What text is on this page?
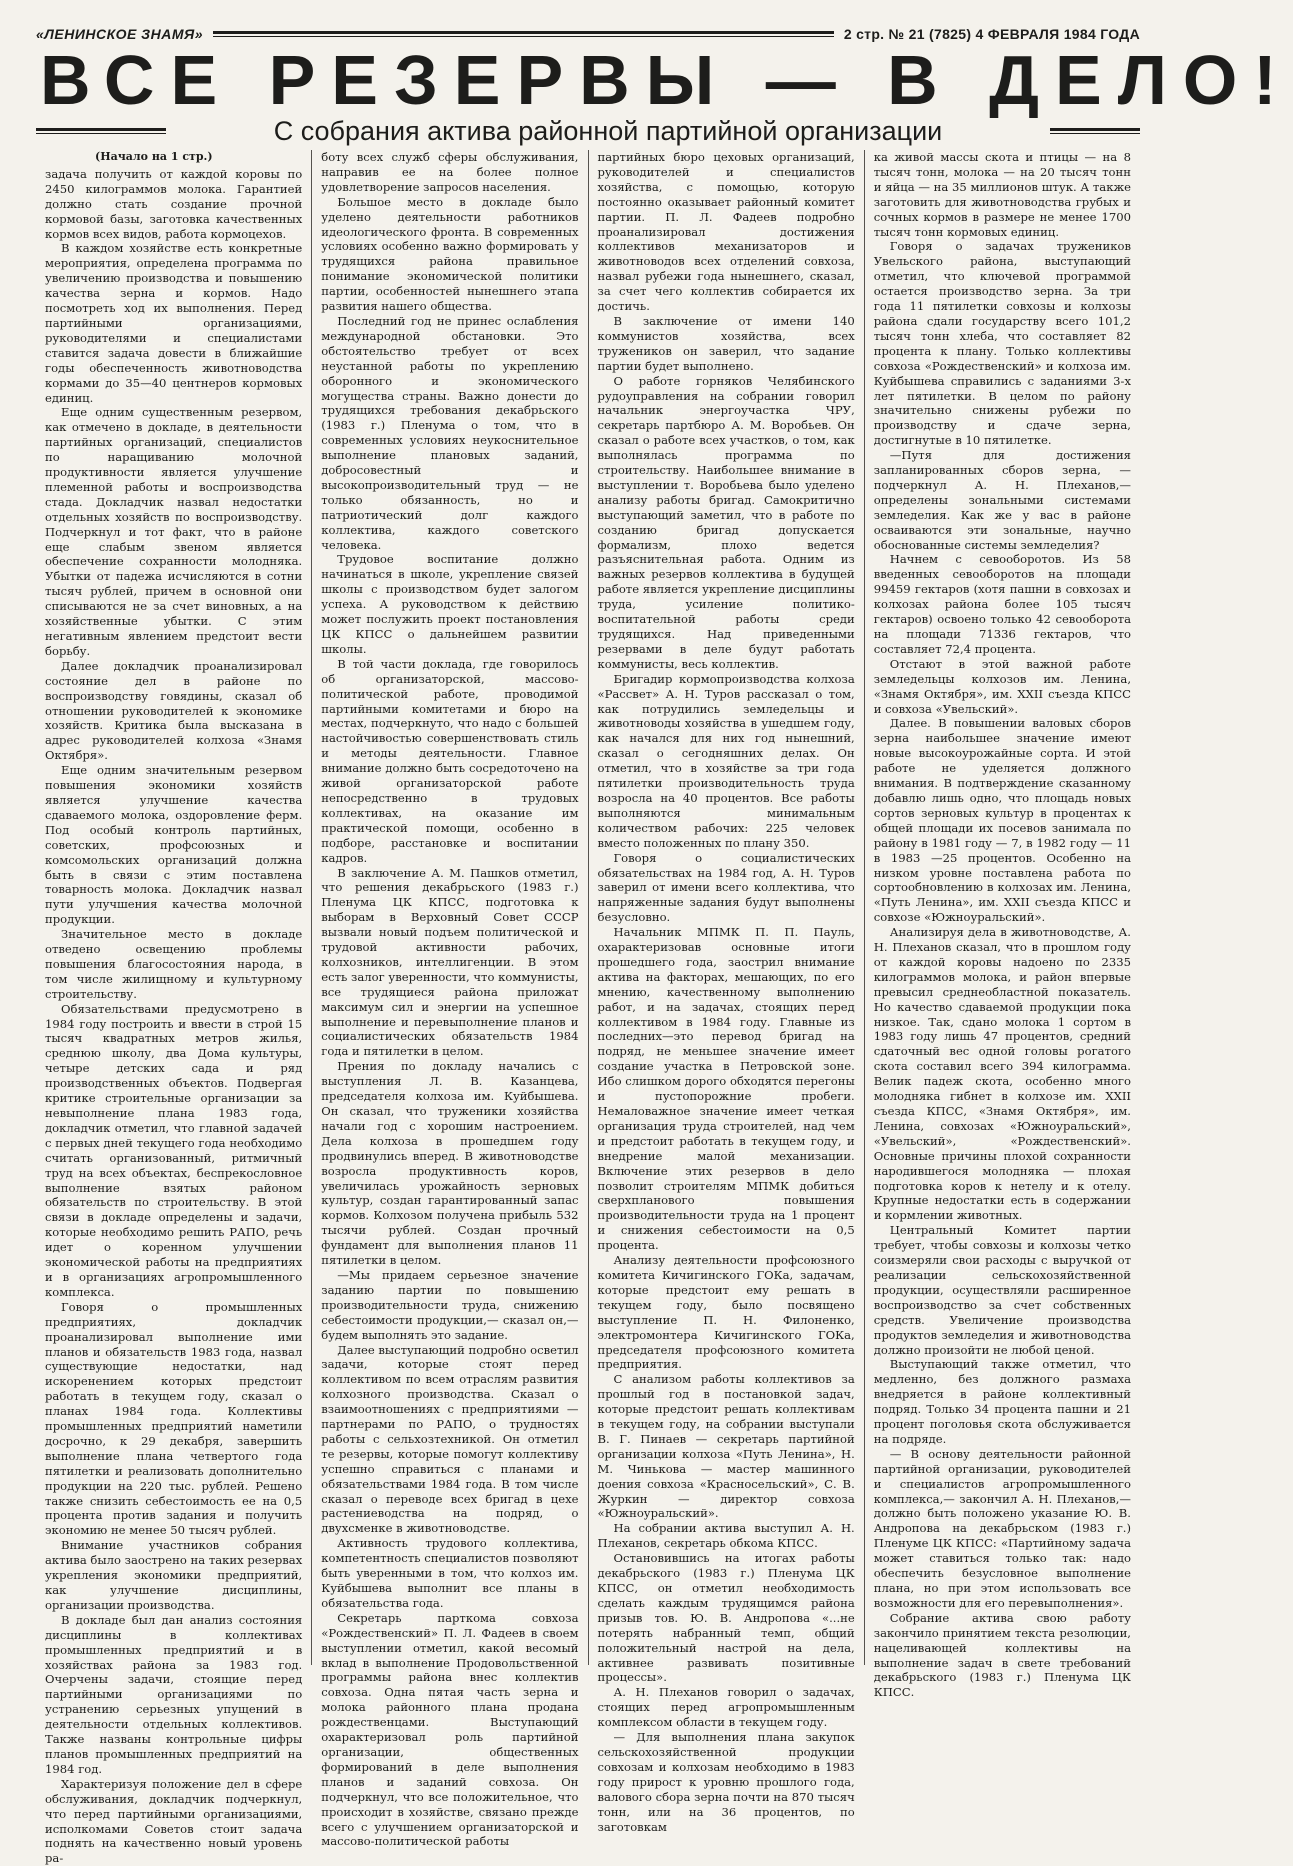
«ЛЕНИНСКОЕ ЗНАМЯ»	2 стр. № 21 (7825) 4 ФЕВРАЛЯ 1984 ГОДА
ВСЕ РЕЗЕРВЫ — В ДЕЛО!
С собрания актива районной партийной организации

(Начало на 1 стр.)

задача получить от каждой коровы по 2450 килограммов молока. Гарантией должно стать создание прочной кормовой базы, заготовка качественных кормов всех видов, работа кормоцехов.

В каждом хозяйстве есть конкретные мероприятия, определена программа по увеличению производства и повышению качества зерна и кормов. Надо посмотреть ход их выполнения. Перед партийными организациями, руководителями и специалистами ставится задача довести в ближайшие годы обеспеченность животноводства кормами до 35—40 центнеров кормовых единиц.

Еще одним существенным резервом, как отмечено в докладе, в деятельности партийных организаций, специалистов по наращиванию молочной продуктивности является улучшение племенной работы и воспроизводства стада. Докладчик назвал недостатки отдельных хозяйств по воспроизводству. Подчеркнул и тот факт, что в районе еще слабым звеном является обеспечение сохранности молодняка. Убытки от падежа исчисляются в сотни тысяч рублей, причем в основной они списываются не за счет виновных, а на хозяйственные убытки. С этим негативным явлением предстоит вести борьбу.

Далее докладчик проанализировал состояние дел в районе по воспроизводству говядины, сказал об отношении руководителей к экономике хозяйств. Критика была высказана в адрес руководителей колхоза «Знамя Октября».

Еще одним значительным резервом повышения экономики хозяйств является улучшение качества сдаваемого молока, оздоровление ферм. Под особый контроль партийных, советских, профсоюзных и комсомольских организаций должна быть в связи с этим поставлена товарность молока. Докладчик назвал пути улучшения качества молочной продукции.

Значительное место в докладе отведено освещению проблемы повышения благосостояния народа, в том числе жилищному и культурному строительству.

Обязательствами предусмотрено в 1984 году построить и ввести в строй 15 тысяч квадратных метров жилья, среднюю школу, два Дома культуры, четыре детских сада и ряд производственных объектов. Подвергая критике строительные организации за невыполнение плана 1983 года, докладчик отметил, что главной задачей с первых дней текущего года необходимо считать организованный, ритмичный труд на всех объектах, беспрекословное выполнение взятых районом обязательств по строительству. В этой связи в докладе определены и задачи, которые необходимо решить РАПО, речь идет о коренном улучшении экономической работы на предприятиях и в организациях агропромышленного комплекса.

Говоря о промышленных предприятиях, докладчик проанализировал выполнение ими планов и обязательств 1983 года, назвал существующие недостатки, над искоренением которых предстоит работать в текущем году, сказал о планах 1984 года. Коллективы промышленных предприятий наметили досрочно, к 29 декабря, завершить выполнение плана четвертого года пятилетки и реализовать дополнительно продукции на 220 тыс. рублей. Решено также снизить себестоимость ее на 0,5 процента против задания и получить экономию не менее 50 тысяч рублей.

Внимание участников собрания актива было заострено на таких резервах укрепления экономики предприятий, как улучшение дисциплины, организации производства.

В докладе был дан анализ состояния дисциплины в коллективах промышленных предприятий и в хозяйствах района за 1983 год. Очерчены задачи, стоящие перед партийными организациями по устранению серьезных упущений в деятельности отдельных коллективов. Также названы контрольные цифры планов промышленных предприятий на 1984 год.

Характеризуя положение дел в сфере обслуживания, докладчик подчеркнул, что перед партийными организациями, исполкомами Советов стоит задача поднять на качественно новый уровень ра-

боту всех служб сферы обслуживания, направив ее на более полное удовлетворение запросов населения.

Большое место в докладе было уделено деятельности работников идеологического фронта. В современных условиях особенно важно формировать у трудящихся района правильное понимание экономической политики партии, особенностей нынешнего этапа развития нашего общества.

Последний год не принес ослабления международной обстановки. Это обстоятельство требует от всех неустанной работы по укреплению оборонного и экономического могущества страны. Важно донести до трудящихся требования декабрьского (1983 г.) Пленума о том, что в современных условиях неукоснительное выполнение плановых заданий, добросовестный и высокопроизводительный труд — не только обязанность, но и патриотический долг каждого коллектива, каждого советского человека.

Трудовое воспитание должно начинаться в школе, укрепление связей школы с производством будет залогом успеха. А руководством к действию может послужить проект постановления ЦК КПСС о дальнейшем развитии школы.

В той части доклада, где говорилось об организаторской, массово-политической работе, проводимой партийными комитетами и бюро на местах, подчеркнуто, что надо с большей настойчивостью совершенствовать стиль и методы деятельности. Главное внимание должно быть сосредоточено на живой организаторской работе непосредственно в трудовых коллективах, на оказание им практической помощи, особенно в подборе, расстановке и воспитании кадров.

В заключение А. М. Пашков отметил, что решения декабрьского (1983 г.) Пленума ЦК КПСС, подготовка к выборам в Верховный Совет СССР вызвали новый подъем политической и трудовой активности рабочих, колхозников, интеллигенции. В этом есть залог уверенности, что коммунисты, все трудящиеся района приложат максимум сил и энергии на успешное выполнение и перевыполнение планов и социалистических обязательств 1984 года и пятилетки в целом.

Прения по докладу начались с выступления Л. В. Казанцева, председателя колхоза им. Куйбышева. Он сказал, что труженики хозяйства начали год с хорошим настроением. Дела колхоза в прошедшем году продвинулись вперед. В животноводстве возросла продуктивность коров, увеличилась урожайность зерновых культур, создан гарантированный запас кормов. Колхозом получена прибыль 532 тысячи рублей. Создан прочный фундамент для выполнения планов 11 пятилетки в целом.

—Мы придаем серьезное значение заданию партии по повышению производительности труда, снижению себестоимости продукции,— сказал он,— будем выполнять это задание.

Далее выступающий подробно осветил задачи, которые стоят перед коллективом по всем отраслям развития колхозного производства. Сказал о взаимоотношениях с предприятиями — партнерами по РАПО, о трудностях работы с сельхозтехникой. Он отметил те резервы, которые помогут коллективу успешно справиться с планами и обязательствами 1984 года. В том числе сказал о переводе всех бригад в цехе растениеводства на подряд, о двухсменке в животноводстве.

Активность трудового коллектива, компетентность специалистов позволяют быть уверенными в том, что колхоз им. Куйбышева выполнит все планы в обязательства года.

Секретарь парткома совхоза «Рождественский» П. Л. Фадеев в своем выступлении отметил, какой весомый вклад в выполнение Продовольственной программы района внес коллектив совхоза. Одна пятая часть зерна и молока районного плана продана рождественцами. Выступающий охарактеризовал роль партийной организации, общественных формирований в деле выполнения планов и заданий совхоза. Он подчеркнул, что все положительное, что происходит в хозяйстве, связано прежде всего с улучшением организаторской и массово-политической работы

партийных бюро цеховых организаций, руководителей и специалистов хозяйства, с помощью, которую постоянно оказывает районный комитет партии. П. Л. Фадеев подробно проанализировал достижения коллективов механизаторов и животноводов всех отделений совхоза, назвал рубежи года нынешнего, сказал, за счет чего коллектив собирается их достичь.

В заключение от имени 140 коммунистов хозяйства, всех тружеников он заверил, что задание партии будет выполнено.

О работе горняков Челябинского рудоуправления на собрании говорил начальник энергоучастка ЧРУ, секретарь партбюро А. М. Воробьев. Он сказал о работе всех участков, о том, как выполнялась программа по строительству. Наибольшее внимание в выступлении т. Воробьева было уделено анализу работы бригад. Самокритично выступающий заметил, что в работе по созданию бригад допускается формализм, плохо ведется разъяснительная работа. Одним из важных резервов коллектива в будущей работе является укрепление дисциплины труда, усиление политико-воспитательной работы среди трудящихся. Над приведенными резервами в деле будут работать коммунисты, весь коллектив.

Бригадир кормопроизводства колхоза «Рассвет» А. Н. Туров рассказал о том, как потрудились земледельцы и животноводы хозяйства в ушедшем году, как начался для них год нынешний, сказал о сегодняшних делах. Он отметил, что в хозяйстве за три года пятилетки производительность труда возросла на 40 процентов. Все работы выполняются минимальным количеством рабочих: 225 человек вместо положенных по плану 350.

Говоря о социалистических обязательствах на 1984 год, А. Н. Туров заверил от имени всего коллектива, что напряженные задания будут выполнены безусловно.

Начальник МПМК П. П. Пауль, охарактеризовав основные итоги прошедшего года, заострил внимание актива на факторах, мешающих, по его мнению, качественному выполнению работ, и на задачах, стоящих перед коллективом в 1984 году. Главные из последних—это перевод бригад на подряд, не меньшее значение имеет создание участка в Петровской зоне. Ибо слишком дорого обходятся перегоны и пустопорожние пробеги. Немаловажное значение имеет четкая организация труда строителей, над чем и предстоит работать в текущем году, и внедрение малой механизации. Включение этих резервов в дело позволит строителям МПМК добиться сверхпланового повышения производительности труда на 1 процент и снижения себестоимости на 0,5 процента.

Анализу деятельности профсоюзного комитета Кичигинского ГОКа, задачам, которые предстоит ему решать в текущем году, было посвящено выступление П. Н. Филоненко, электромонтера Кичигинского ГОКа, председателя профсоюзного комитета предприятия.

С анализом работы коллективов за прошлый год в постановкой задач, которые предстоит решать коллективам в текущем году, на собрании выступали В. Г. Пинаев — секретарь партийной организации колхоза «Путь Ленина», Н. М. Чинькова — мастер машинного доения совхоза «Красносельский», С. В. Журкин — директор совхоза «Южноуральский».

На собрании актива выступил А. Н. Плеханов, секретарь обкома КПСС.

Остановившись на итогах работы декабрьского (1983 г.) Пленума ЦК КПСС, он отметил необходимость сделать каждым трудящимся района призыв тов. Ю. В. Андропова «...не потерять набранный темп, общий положительный настрой на дела, активнее развивать позитивные процессы».

А. Н. Плеханов говорил о задачах, стоящих перед агропромышленным комплексом области в текущем году.

— Для выполнения плана закупок сельскохозяйственной продукции совхозам и колхозам необходимо в 1983 году прирост к уровню прошлого года, валового сбора зерна почти на 870 тысяч тонн, или на 36 процентов, по заготовкам

ка живой массы скота и птицы — на 8 тысяч тонн, молока — на 20 тысяч тонн и яйца — на 35 миллионов штук. А также заготовить для животноводства грубых и сочных кормов в размере не менее 1700 тысяч тонн кормовых единиц.

Говоря о задачах тружеников Увельского района, выступающий отметил, что ключевой программой остается производство зерна. За три года 11 пятилетки совхозы и колхозы района сдали государству всего 101,2 тысяч тонн хлеба, что составляет 82 процента к плану. Только коллективы совхоза «Рождественский» и колхоза им. Куйбышева справились с заданиями 3-х лет пятилетки. В целом по району значительно снижены рубежи по производству и сдаче зерна, достигнутые в 10 пятилетке.

—Путя для достижения запланированных сборов зерна, — подчеркнул А. Н. Плеханов,— определены зональными системами земледелия. Как же у вас в районе осваиваются эти зональные, научно обоснованные системы земледелия?

Начнем с севооборотов. Из 58 введенных севооборотов на площади 99459 гектаров (хотя пашни в совхозах и колхозах района более 105 тысяч гектаров) освоено только 42 севооборота на площади 71336 гектаров, что составляет 72,4 процента.

Отстают в этой важной работе земледельцы колхозов им. Ленина, «Знамя Октября», им. XXII съезда КПСС и совхоза «Увельский».

Далее. В повышении валовых сборов зерна наибольшее значение имеют новые высокоурожайные сорта. И этой работе не уделяется должного внимания. В подтверждение сказанному добавлю лишь одно, что площадь новых сортов зерновых культур в процентах к общей площади их посевов занимала по району в 1981 году — 7, в 1982 году — 11 в 1983 —25 процентов. Особенно на низком уровне поставлена работа по сортообновлению в колхозах им. Ленина, «Путь Ленина», им. XXII съезда КПСС и совхозе «Южноуральский».

Анализируя дела в животноводстве, А. Н. Плеханов сказал, что в прошлом году от каждой коровы надоено по 2335 килограммов молока, и район впервые превысил среднеобластной показатель. Но качество сдаваемой продукции пока низкое. Так, сдано молока 1 сортом в 1983 году лишь 47 процентов, средний сдаточный вес одной головы рогатого скота составил всего 394 килограмма. Велик падеж скота, особенно много молодняка гибнет в колхозе им. XXII съезда КПСС, «Знамя Октября», им. Ленина, совхозах «Южноуральский», «Увельский», «Рождественский». Основные причины плохой сохранности народившегося молодняка — плохая подготовка коров к нетелу и к отелу. Крупные недостатки есть в содержании и кормлении животных.

Центральный Комитет партии требует, чтобы совхозы и колхозы четко соизмеряли свои расходы с выручкой от реализации сельскохозяйственной продукции, осуществляли расширенное воспроизводство за счет собственных средств. Увеличение производства продуктов земледелия и животноводства должно произойти не любой ценой.

Выступающий также отметил, что медленно, без должного размаха внедряется в районе коллективный подряд. Только 34 процента пашни и 21 процент поголовья скота обслуживается на подряде.

— В основу деятельности районной партийной организации, руководителей и специалистов агропромышленного комплекса,— закончил А. Н. Плеханов,— должно быть положено указание Ю. В. Андропова на декабрьском (1983 г.) Пленуме ЦК КПСС: «Партийному задача может ставиться только так: надо обеспечить безусловное выполнение плана, но при этом использовать все возможности для его перевыполнения».

Собрание актива свою работу закончило принятием текста резолюции, нацеливающей коллективы на выполнение задач в свете требований декабрьского (1983 г.) Пленума ЦК КПСС.
